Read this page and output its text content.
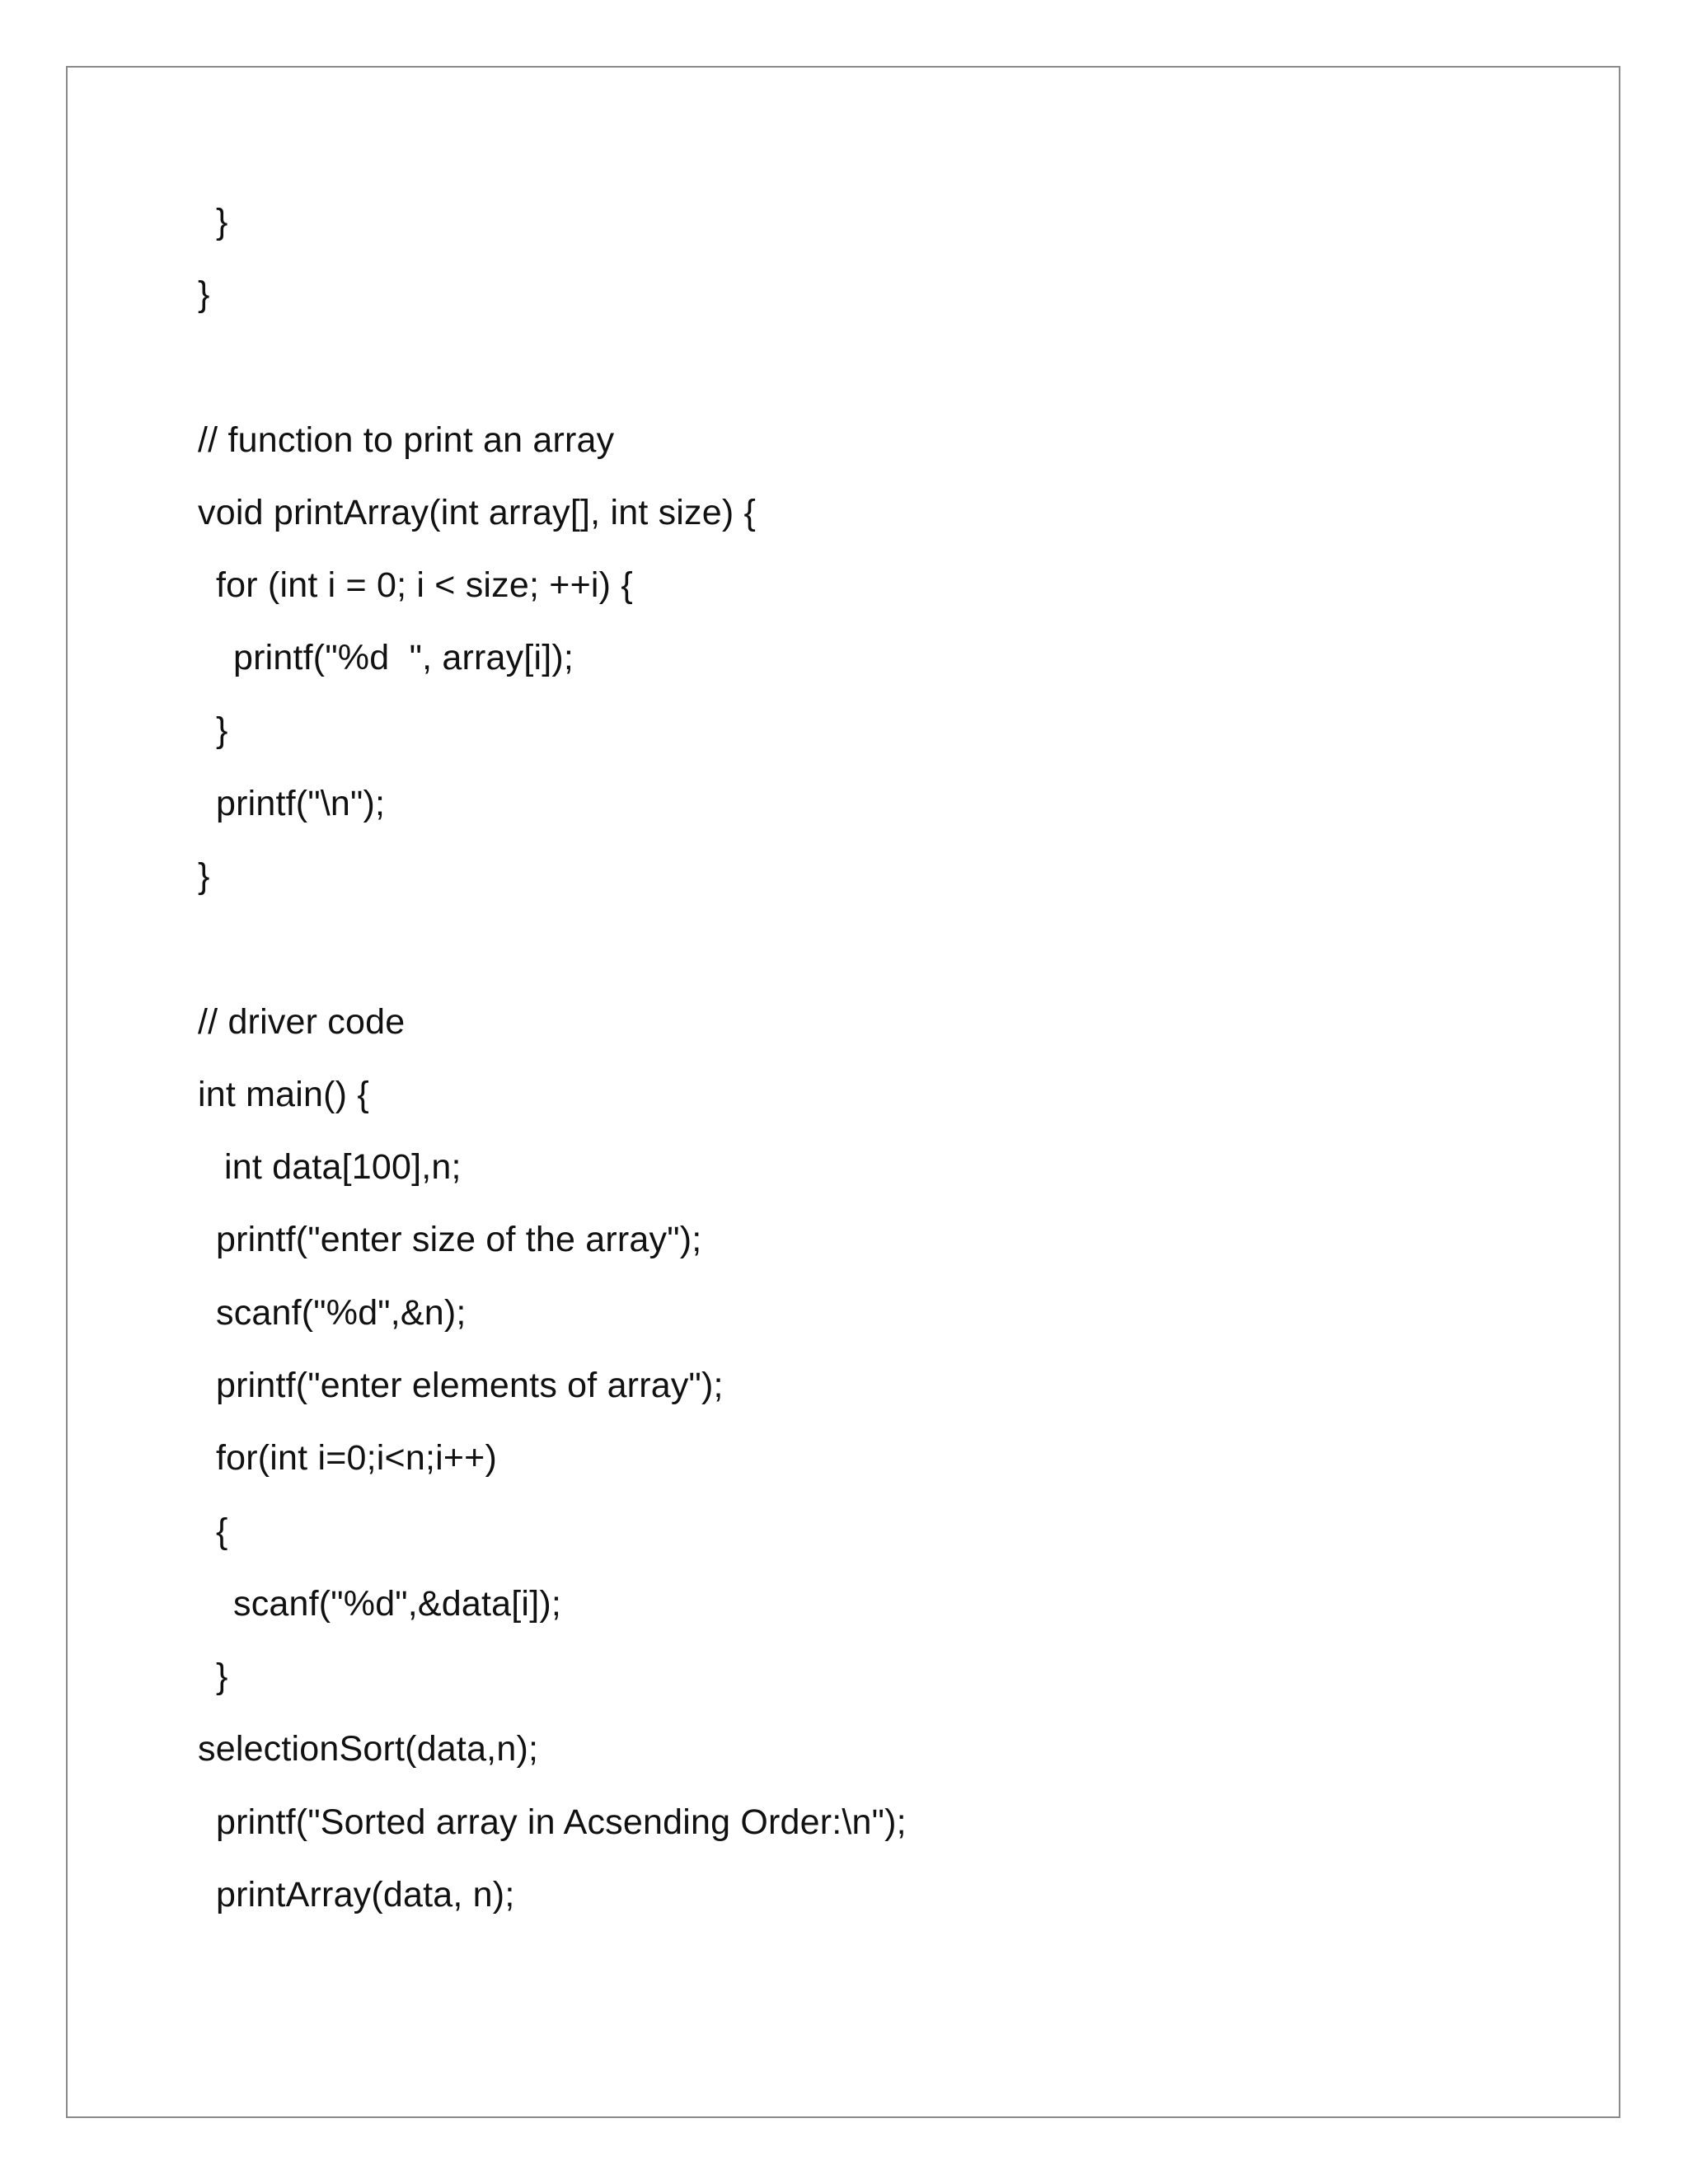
}
}
// function to print an array
void printArray(int array[], int size) {
for (int i = 0; i < size; ++i) {
printf("%d  ", array[i]);
}
printf("\n");
}
// driver code
int main() {
int data[100],n;
printf("enter size of the array");
scanf("%d",&n);
printf("enter elements of array");
for(int i=0;i<n;i++)
{
scanf("%d",&data[i]);
}
selectionSort(data,n);
printf("Sorted array in Acsending Order:\n");
printArray(data, n);
